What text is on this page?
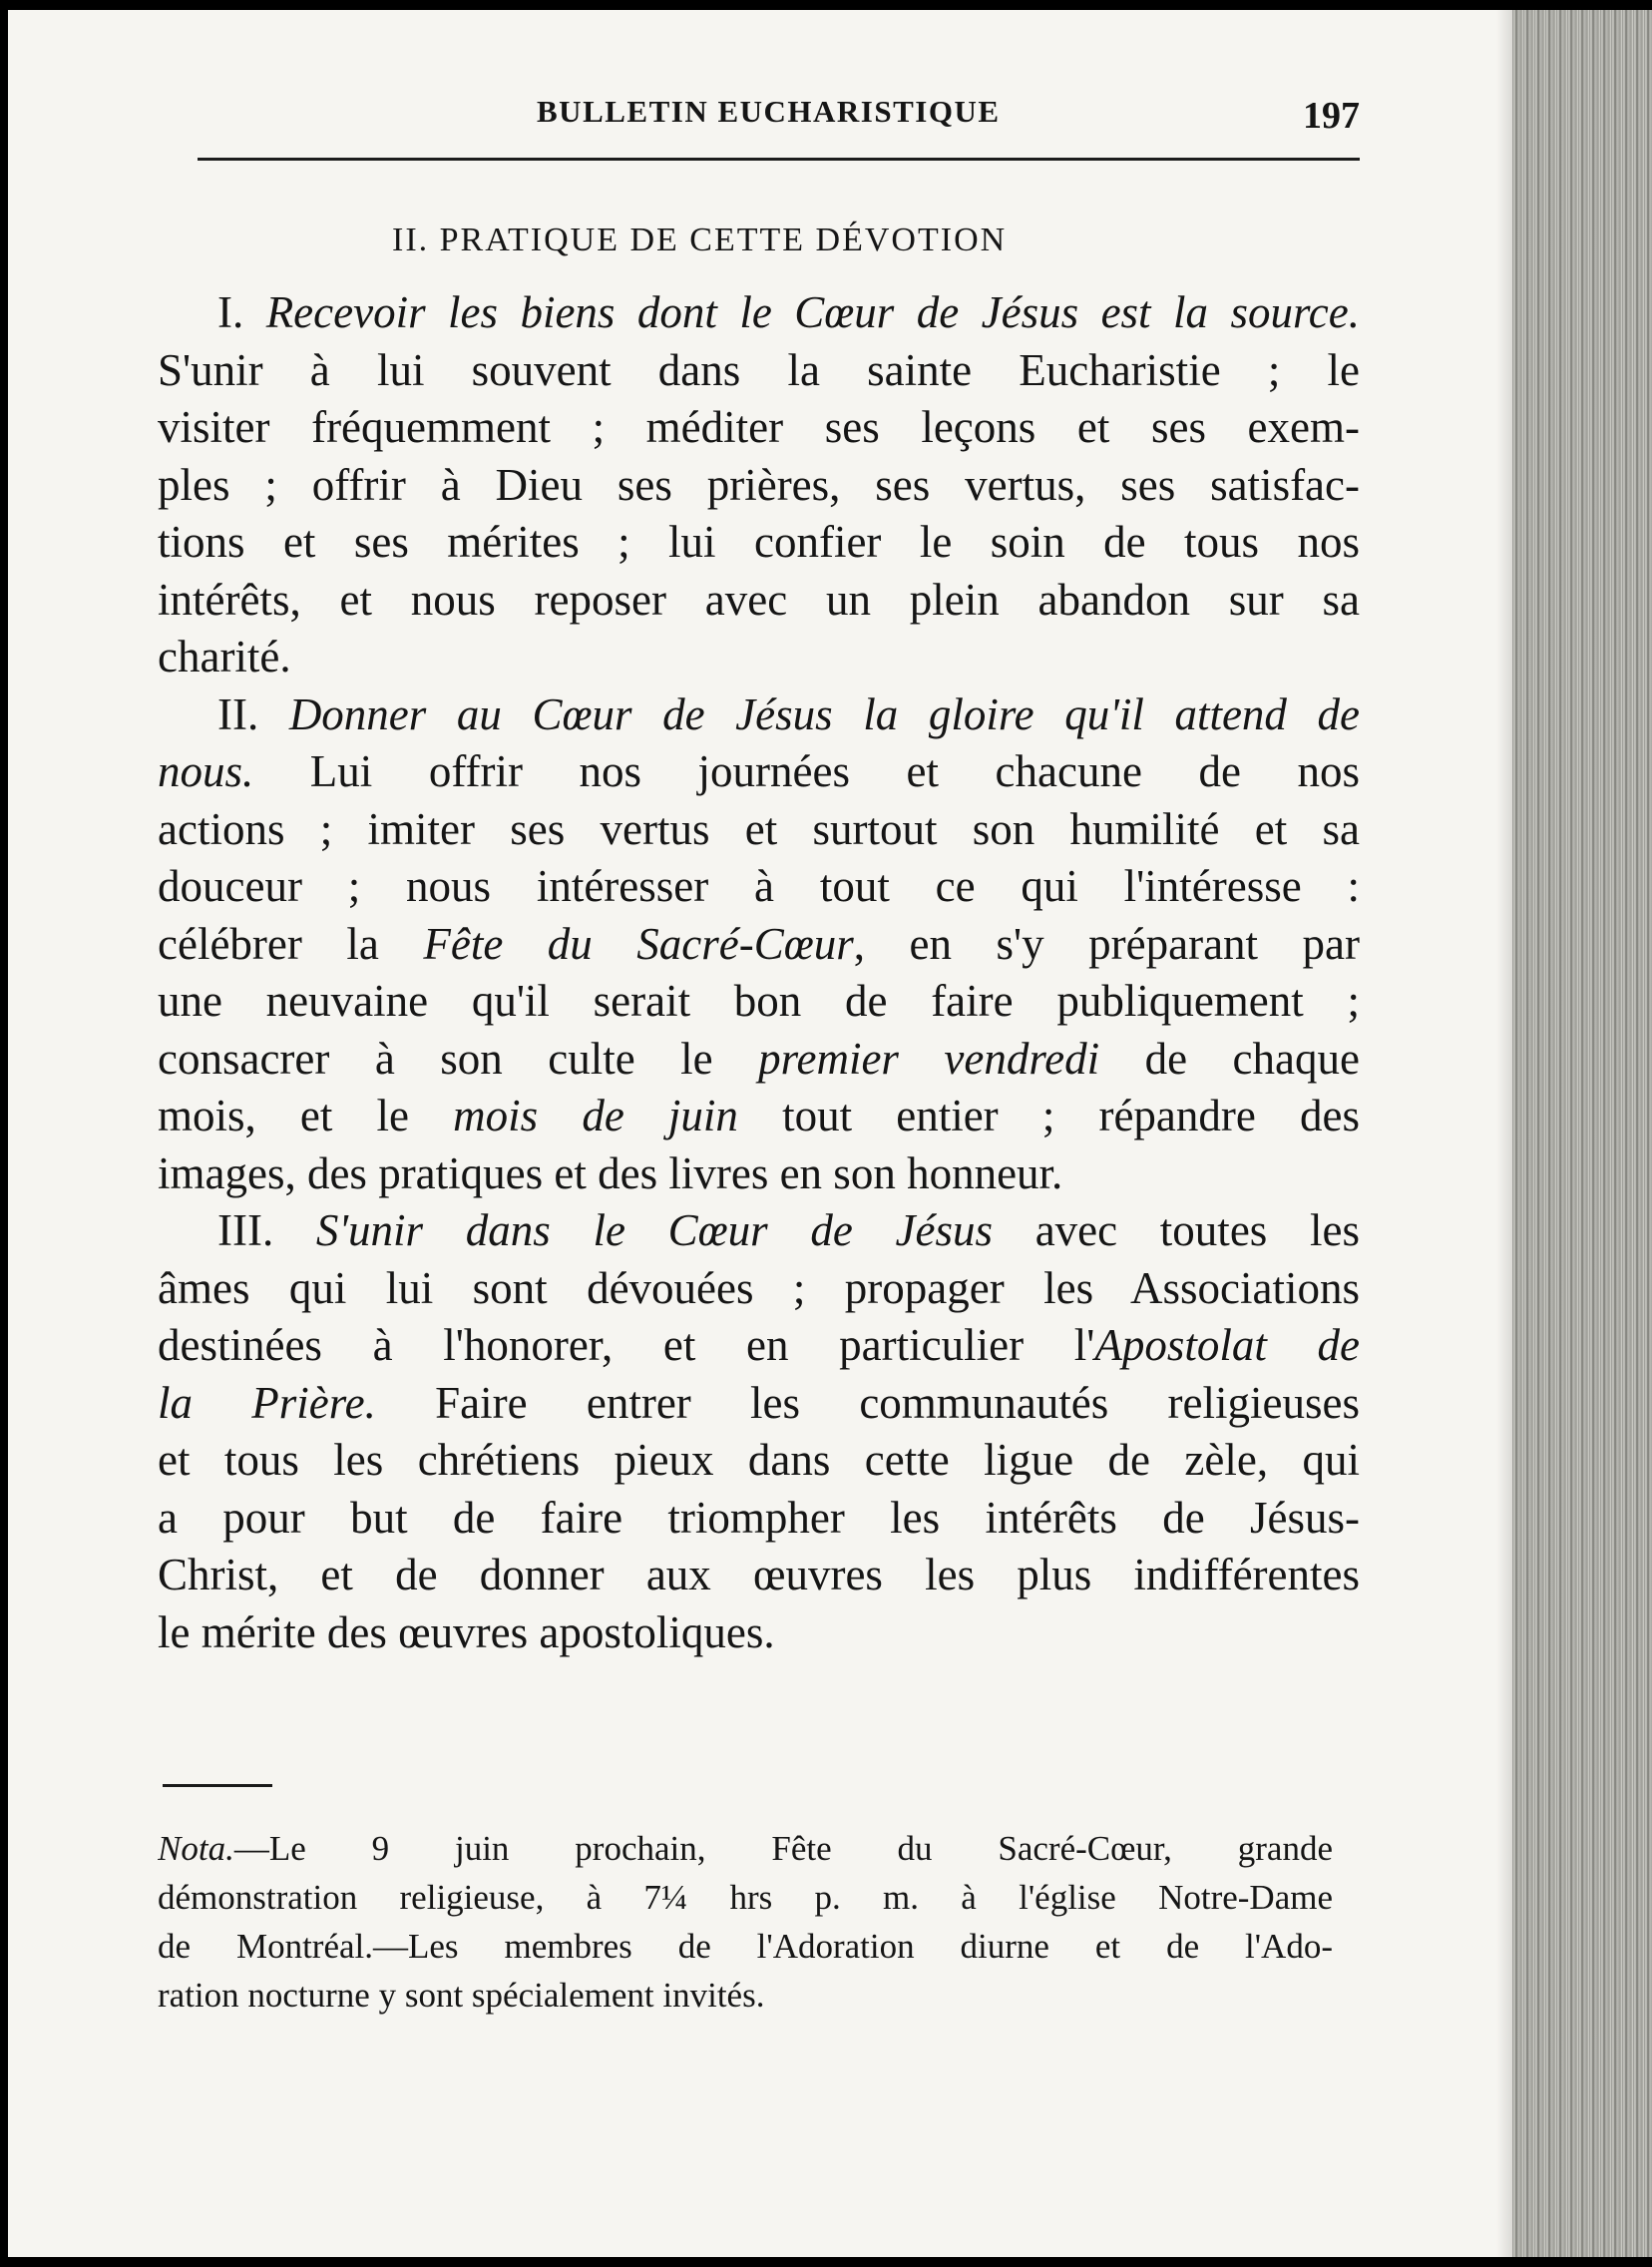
BULLETIN EUCHARISTIQUE	197
II. PRATIQUE DE CETTE DÉVOTION
I. Recevoir les biens dont le Cœur de Jésus est la source.
S'unir à lui souvent dans la sainte Eucharistie ; le
visiter fréquemment ; méditer ses leçons et ses exem-
ples ; offrir à Dieu ses prières, ses vertus, ses satisfac-
tions et ses mérites ; lui confier le soin de tous nos
intérêts, et nous reposer avec un plein abandon sur sa
charité.
II. Donner au Cœur de Jésus la gloire qu'il attend de
nous. Lui offrir nos journées et chacune de nos
actions ; imiter ses vertus et surtout son humilité et sa
douceur ; nous intéresser à tout ce qui l'intéresse :
célébrer la Fête du Sacré-Cœur, en s'y préparant par
une neuvaine qu'il serait bon de faire publiquement ;
consacrer à son culte le premier vendredi de chaque
mois, et le mois de juin tout entier ; répandre des
images, des pratiques et des livres en son honneur.
III. S'unir dans le Cœur de Jésus avec toutes les
âmes qui lui sont dévouées ; propager les Associations
destinées à l'honorer, et en particulier l'Apostolat de
la Prière. Faire entrer les communautés religieuses
et tous les chrétiens pieux dans cette ligue de zèle, qui
a pour but de faire triompher les intérêts de Jésus-
Christ, et de donner aux œuvres les plus indifférentes
le mérite des œuvres apostoliques.
Nota.—Le 9 juin prochain, Fête du Sacré-Cœur, grande
démonstration religieuse, à 7¼ hrs p. m. à l'église Notre-Dame
de Montréal.—Les membres de l'Adoration diurne et de l'Ado-
ration nocturne y sont spécialement invités.
